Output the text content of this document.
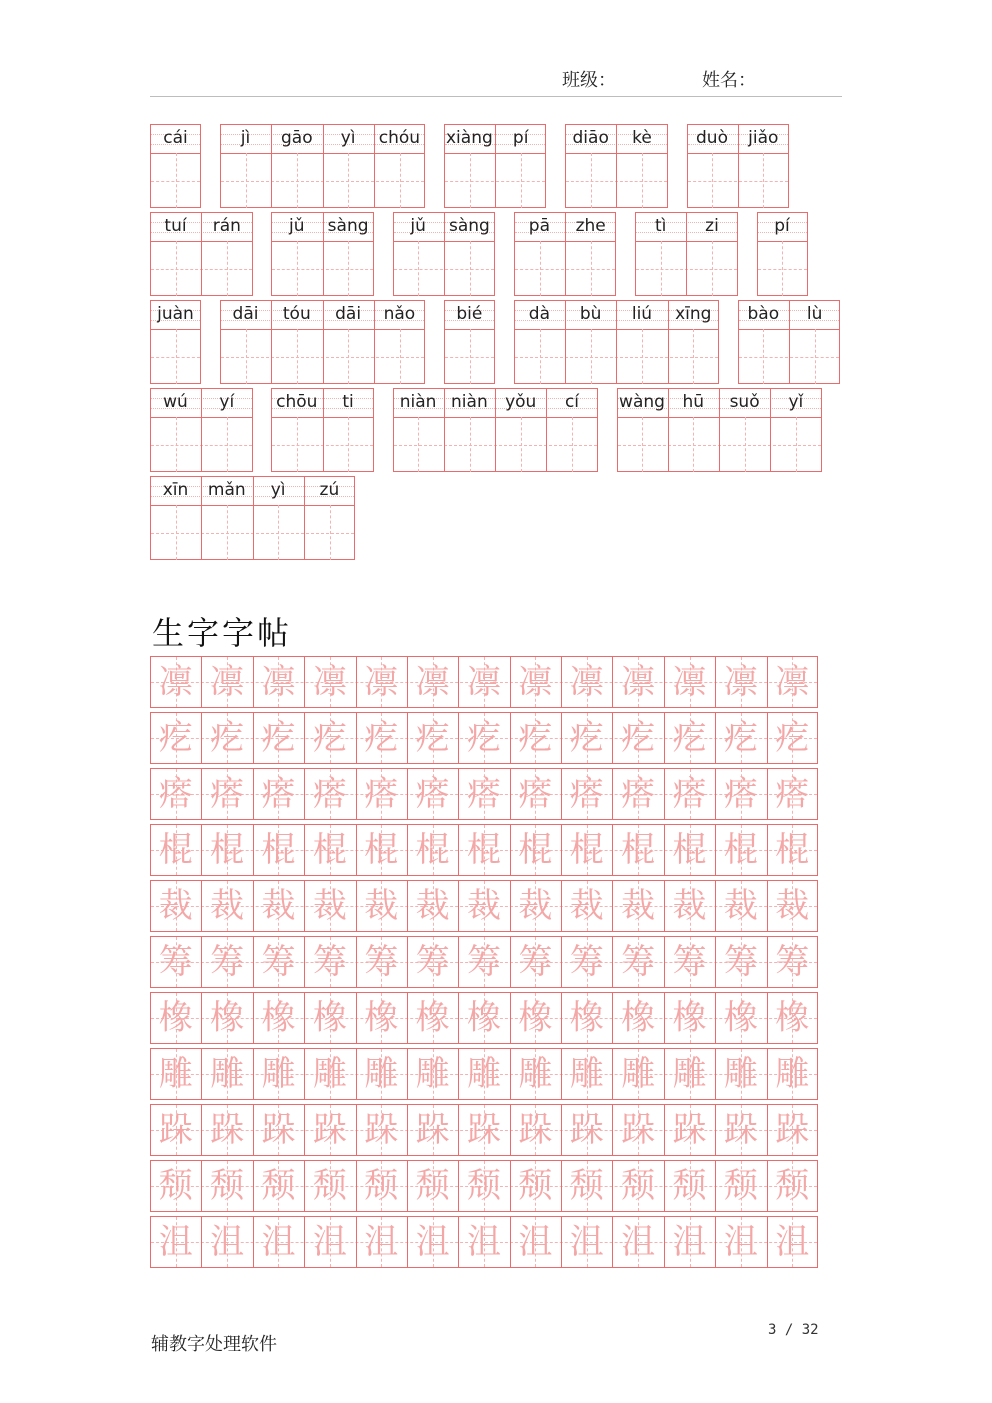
班级：	姓名：
cái	jì	gāo	yì	chóu xiàng	pí	diāo	kè	duò	jiǎo
tuí	rán	jǔ	sàng	jǔ	sàng	pā	zhe	tì	zi	pí
juàn	dāi	tóu	dāi	nǎo	bié	dà	bù	liú	xīng	bào	lù
wú	yí	chōu	ti	niàn niàn	yǒu	cí	wàng	hū	suǒ	yǐ
xīn	mǎn	yì	zú
生字字帖
凛 凛 凛 凛 凛 凛 凛 凛 凛 凛 凛 凛 凛
疙 疙 疙 疙 疙 疙 疙 疙 疙 疙 疙 疙 疙
瘩 瘩 瘩 瘩 瘩 瘩 瘩 瘩 瘩 瘩 瘩 瘩 瘩
棍 棍 棍 棍 棍 棍 棍 棍 棍 棍 棍 棍 棍
裁 裁 裁 裁 裁 裁 裁 裁 裁 裁 裁 裁 裁
筹 筹 筹 筹 筹 筹 筹 筹 筹 筹 筹 筹 筹
橡 橡 橡 橡 橡 橡 橡 橡 橡 橡 橡 橡 橡
雕 雕 雕 雕 雕 雕 雕 雕 雕 雕 雕 雕 雕
跺 跺 跺 跺 跺 跺 跺 跺 跺 跺 跺 跺 跺
颓 颓 颓 颓 颓 颓 颓 颓 颓 颓 颓 颓 颓
沮 沮 沮 沮 沮 沮 沮 沮 沮 沮 沮 沮 沮
辅教字处理软件
3 / 32
